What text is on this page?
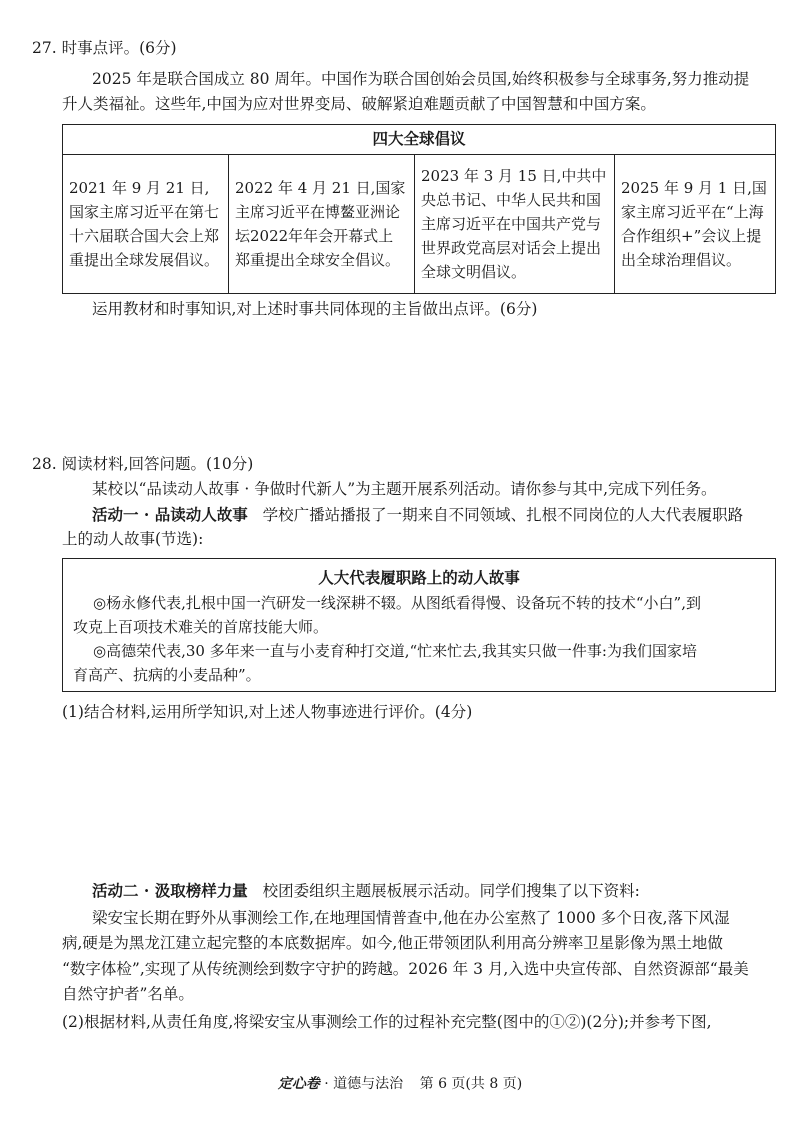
27. 时事点评。(6分)
2025 年是联合国成立 80 周年。中国作为联合国创始会员国,始终积极参与全球事务,努力推动提
升人类福祉。这些年,中国为应对世界变局、破解紧迫难题贡献了中国智慧和中国方案。
四大全球倡议
2021 年 9 月 21 日,国家主席习近平在第七十六届联合国大会上郑重提出全球发展倡议。
2022 年 4 月 21 日,国家主席习近平在博鳌亚洲论坛2022年年会开幕式上郑重提出全球安全倡议。
2023 年 3 月 15 日,中共中央总书记、中华人民共和国主席习近平在中国共产党与世界政党高层对话会上提出全球文明倡议。
2025 年 9 月 1 日,国家主席习近平在“上海合作组织+”会议上提出全球治理倡议。
运用教材和时事知识,对上述时事共同体现的主旨做出点评。(6分)
28. 阅读材料,回答问题。(10分)
某校以“品读动人故事 · 争做时代新人”为主题开展系列活动。请你参与其中,完成下列任务。
活动一 · 品读动人故事 学校广播站播报了一期来自不同领域、扎根不同岗位的人大代表履职路
上的动人故事(节选):
人大代表履职路上的动人故事
◎杨永修代表,扎根中国一汽研发一线深耕不辍。从图纸看得慢、设备玩不转的技术“小白”,到
攻克上百项技术难关的首席技能大师。
◎高德荣代表,30 多年来一直与小麦育种打交道,“忙来忙去,我其实只做一件事:为我们国家培
育高产、抗病的小麦品种”。
(1)结合材料,运用所学知识,对上述人物事迹进行评价。(4分)
活动二 · 汲取榜样力量 校团委组织主题展板展示活动。同学们搜集了以下资料:
梁安宝长期在野外从事测绘工作,在地理国情普查中,他在办公室熬了 1000 多个日夜,落下风湿
病,硬是为黑龙江建立起完整的本底数据库。如今,他正带领团队利用高分辨率卫星影像为黑土地做
“数字体检”,实现了从传统测绘到数字守护的跨越。2026 年 3 月,入选中央宣传部、自然资源部“最美
自然守护者”名单。
(2)根据材料,从责任角度,将梁安宝从事测绘工作的过程补充完整(图中的①②)(2分);并参考下图,
定心卷 · 道德与法治 第 6 页(共 8 页)
